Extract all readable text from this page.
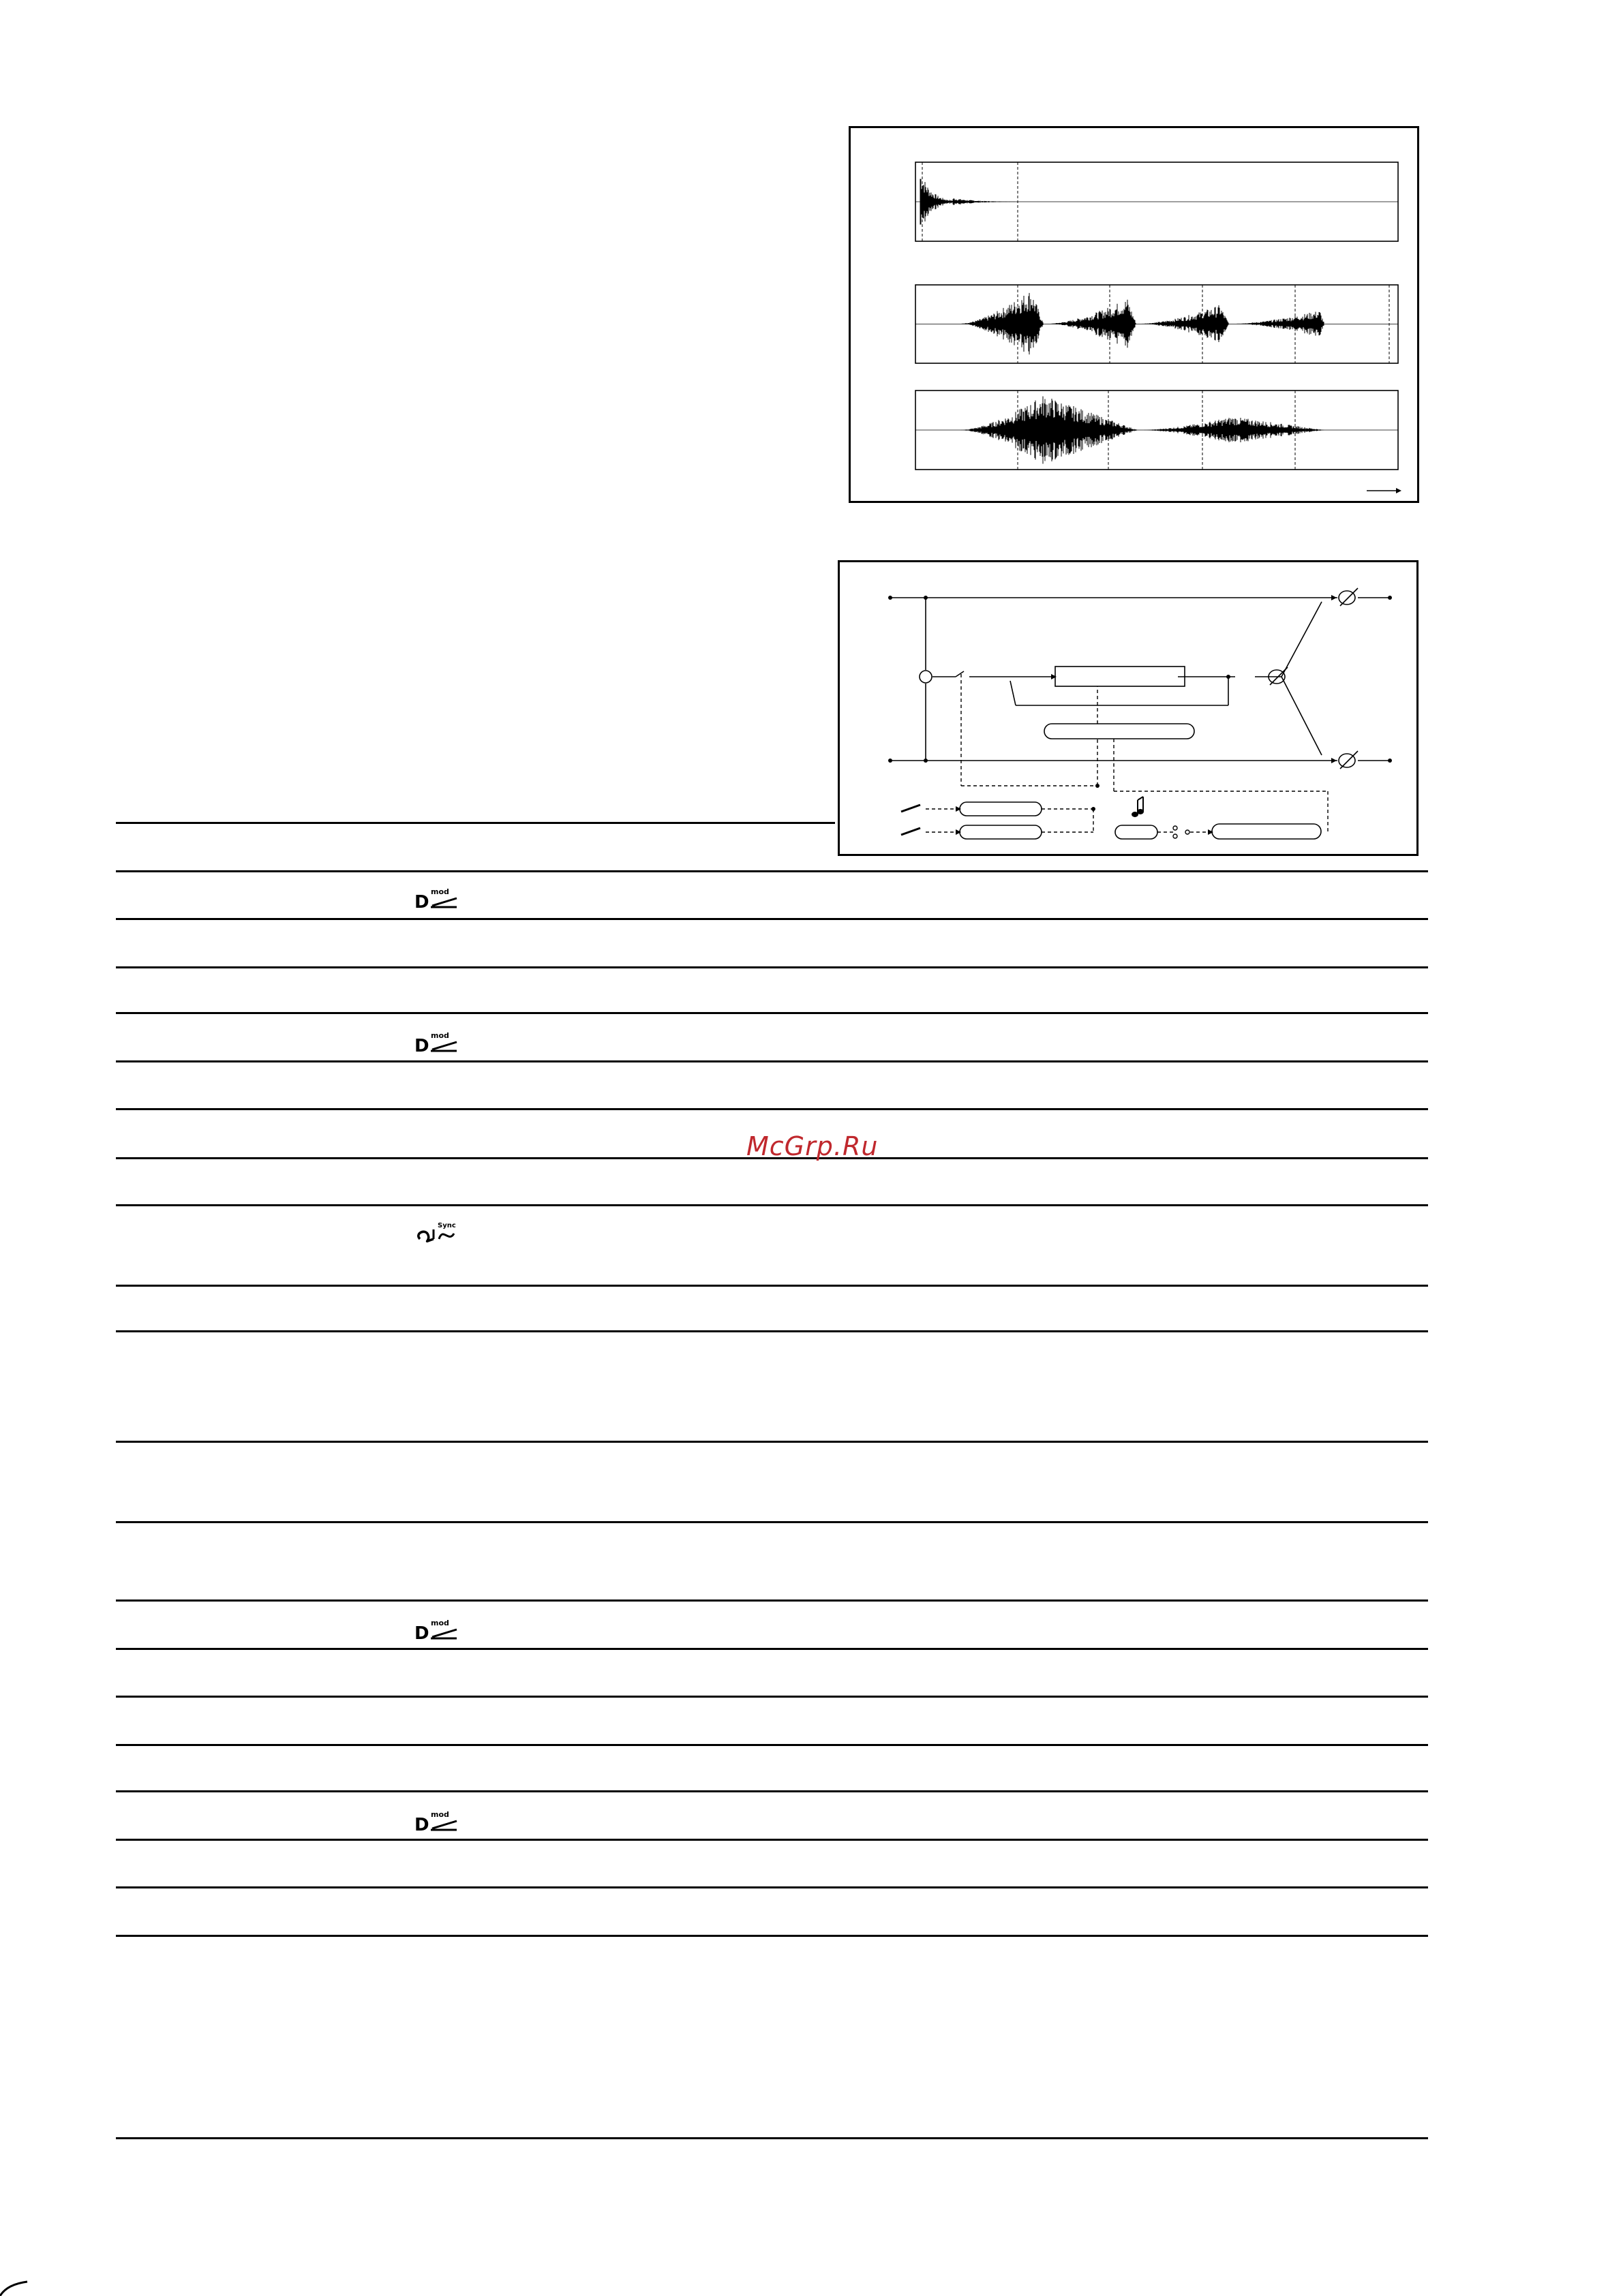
D
mod
D
mod
D
mod
D
mod
Sync
McGrp.Ru
